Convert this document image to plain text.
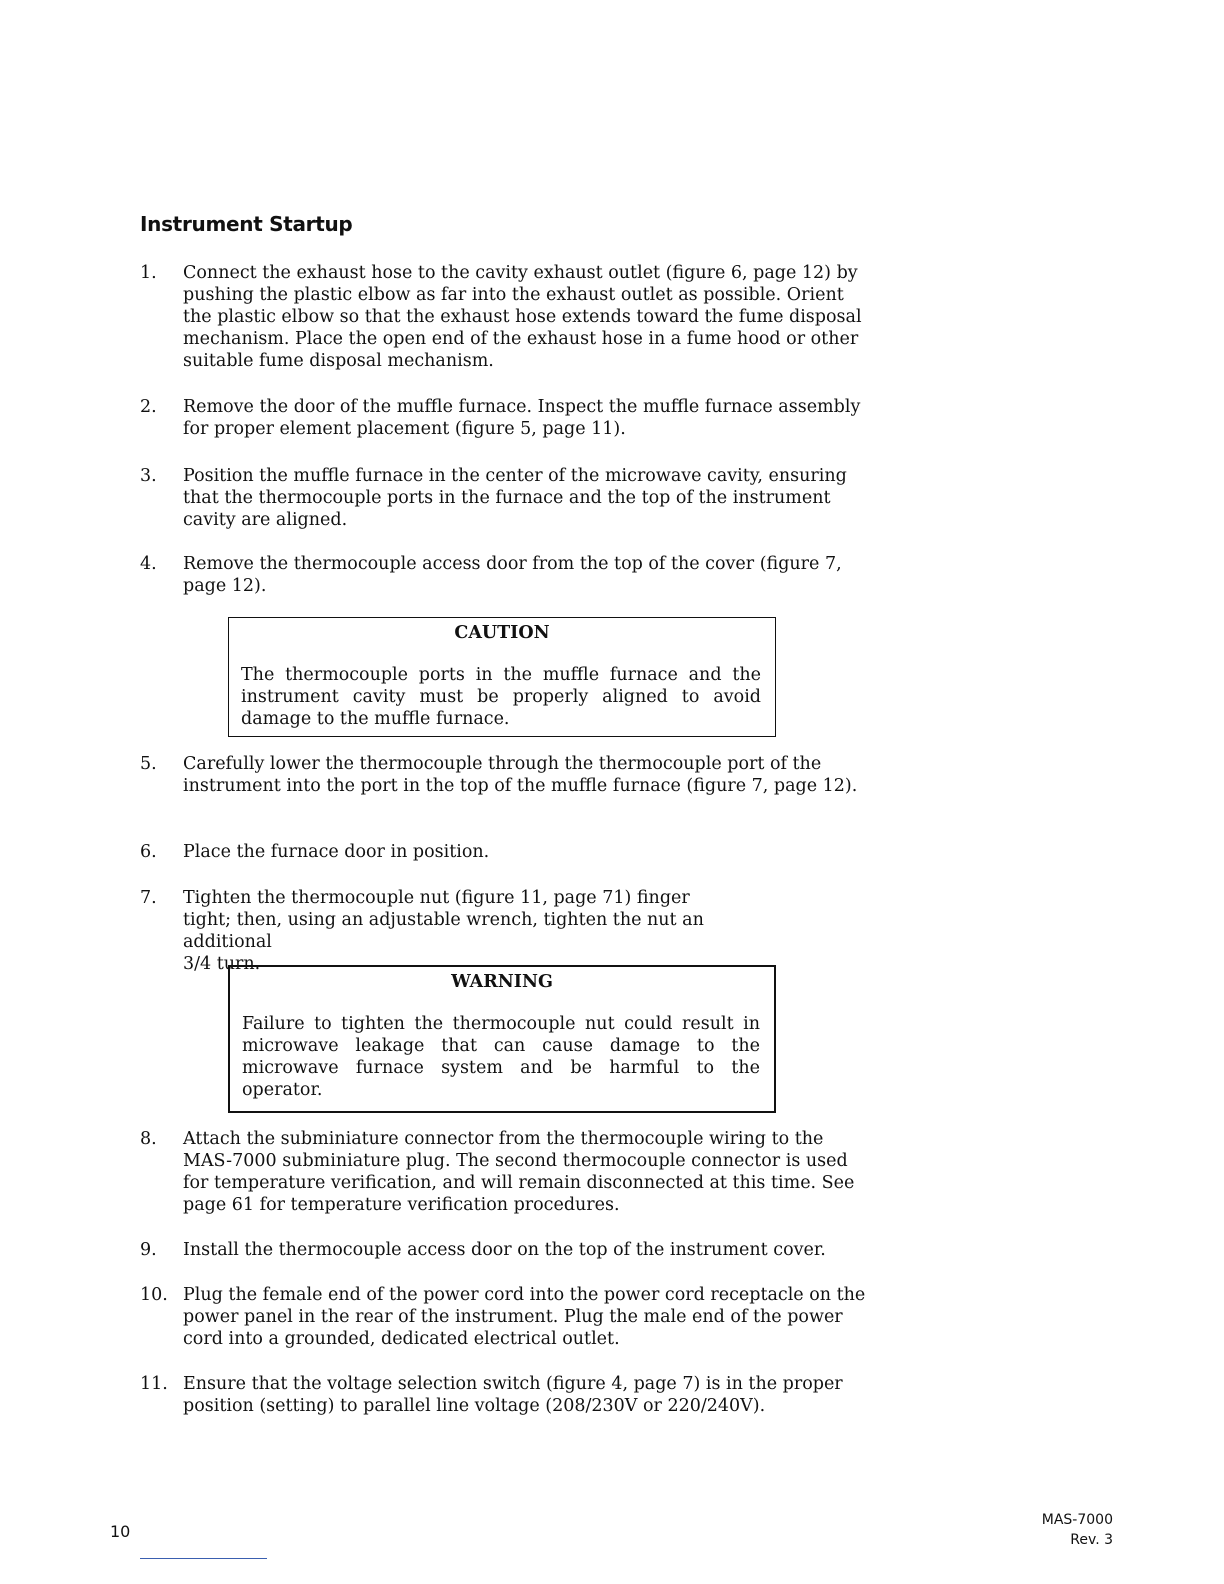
Instrument Startup
1.	Connect the exhaust hose to the cavity exhaust outlet (figure 6, page 12) by pushing the plastic elbow as far into the exhaust outlet as possible. Orient the plastic elbow so that the exhaust hose extends toward the fume disposal mechanism. Place the open end of the exhaust hose in a fume hood or other suitable fume disposal mechanism.
2.	Remove the door of the muffle furnace. Inspect the muffle furnace assembly for proper element placement (figure 5, page 11).
3.	Position the muffle furnace in the center of the microwave cavity, ensuring that the thermocouple ports in the furnace and the top of the instrument cavity are aligned.
4.	Remove the thermocouple access door from the top of the cover (figure 7, page 12).
CAUTION
The thermocouple ports in the muffle furnace and the instrument cavity must be properly aligned to avoid damage to the muffle furnace.
5.	Carefully lower the thermocouple through the thermocouple port of the instrument into the port in the top of the muffle furnace (figure 7, page 12).
6.	Place the furnace door in position.
7.	Tighten the thermocouple nut (figure 11, page 71) finger tight; then, using an adjustable wrench, tighten the nut an additional
3/4 turn.
WARNING
Failure to tighten the thermocouple nut could result in microwave leakage that can cause damage to the microwave furnace system and be harmful to the operator.
8.	Attach the subminiature connector from the thermocouple wiring to the MAS-7000 subminiature plug. The second thermocouple connector is used for temperature verification, and will remain disconnected at this time. See page 61 for temperature verification procedures.
9.	Install the thermocouple access door on the top of the instrument cover.
10. Plug the female end of the power cord into the power cord receptacle on the power panel in the rear of the instrument. Plug the male end of the power cord into a grounded, dedicated electrical outlet.
11. Ensure that the voltage selection switch (figure 4, page 7) is in the proper position (setting) to parallel line voltage (208/230V or 220/240V).
10
MAS-7000
Rev. 3
